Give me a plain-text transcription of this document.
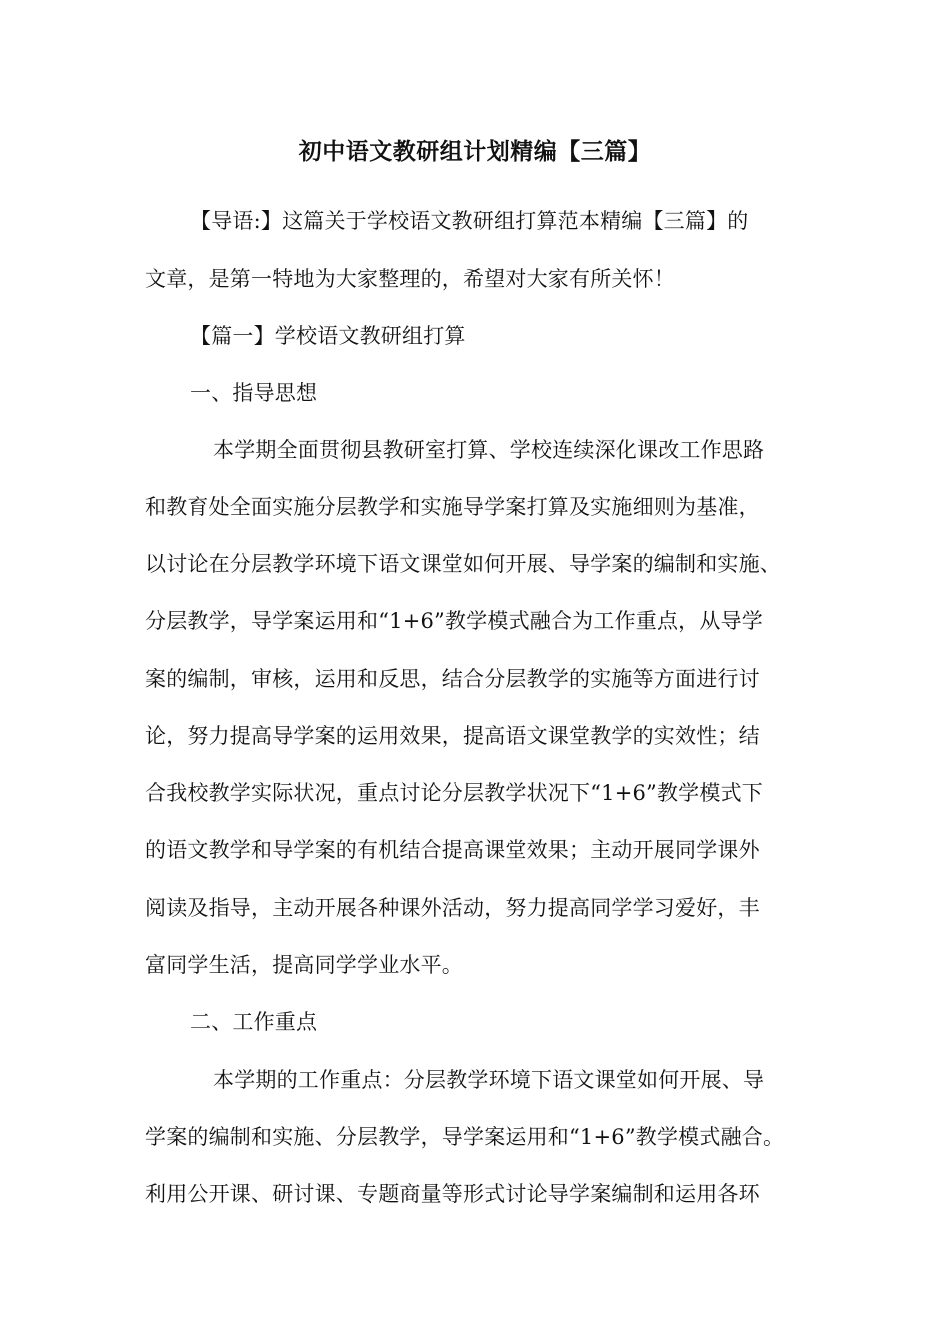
初中语文教研组计划精编【三篇】
【导语:】这篇关于学校语文教研组打算范本精编【三篇】的
文章，是第一特地为大家整理的，希望对大家有所关怀！
【篇一】学校语文教研组打算
一、指导思想
本学期全面贯彻县教研室打算、学校连续深化课改工作思路
和教育处全面实施分层教学和实施导学案打算及实施细则为基准，
以讨论在分层教学环境下语文课堂如何开展、导学案的编制和实施、
分层教学，导学案运用和“1+6”教学模式融合为工作重点，从导学
案的编制，审核，运用和反思，结合分层教学的实施等方面进行讨
论，努力提高导学案的运用效果，提高语文课堂教学的实效性；结
合我校教学实际状况，重点讨论分层教学状况下“1+6”教学模式下
的语文教学和导学案的有机结合提高课堂效果；主动开展同学课外
阅读及指导，主动开展各种课外活动，努力提高同学学习爱好，丰
富同学生活，提高同学学业水平。
二、工作重点
本学期的工作重点：分层教学环境下语文课堂如何开展、导
学案的编制和实施、分层教学，导学案运用和“1+6”教学模式融合。
利用公开课、研讨课、专题商量等形式讨论导学案编制和运用各环
